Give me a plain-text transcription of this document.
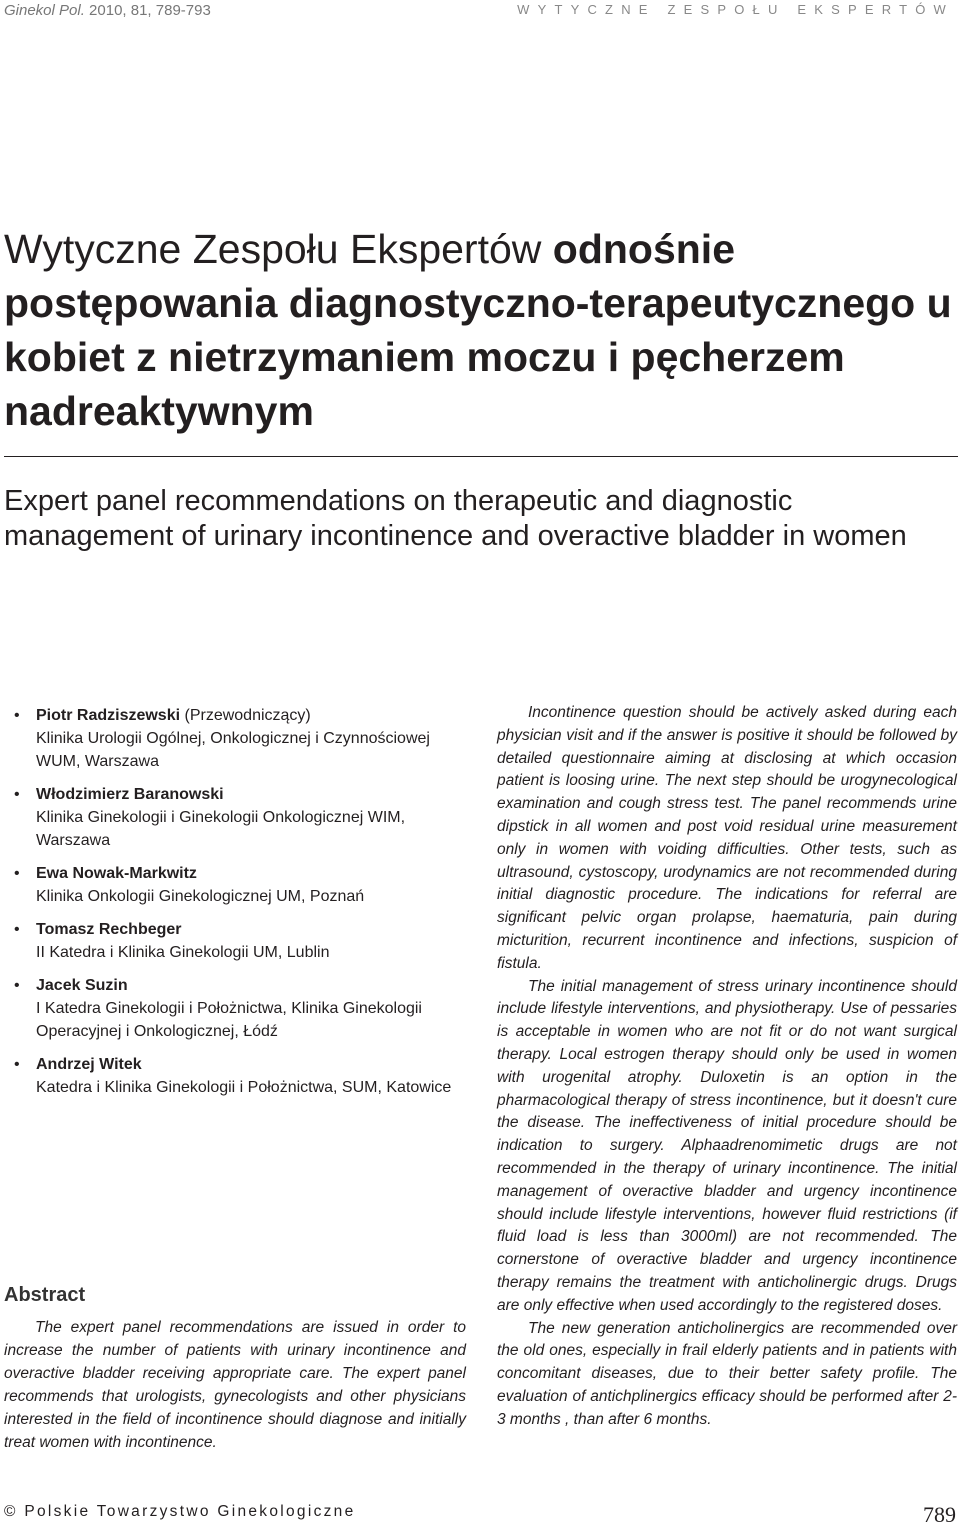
Ginekol Pol. 2010, 81, 789-793	WYTYCZNE ZESPOŁU EKSPERTÓW
Wytyczne Zespołu Ekspertów odnośnie postępowania diagnostyczno-terapeutycznego u kobiet z nietrzymaniem moczu i pęcherzem nadreaktywnym
Expert panel recommendations on therapeutic and diagnostic management of urinary incontinence and overactive bladder in women
• Piotr Radziszewski (Przewodniczący)
Klinika Urologii Ogólnej, Onkologicznej i Czynnościowej WUM, Warszawa
• Włodzimierz Baranowski
Klinika Ginekologii i Ginekologii Onkologicznej WIM, Warszawa
• Ewa Nowak-Markwitz
Klinika Onkologii Ginekologicznej UM, Poznań
• Tomasz Rechbeger
II Katedra i Klinika Ginekologii UM, Lublin
• Jacek Suzin
I Katedra Ginekologii i Położnictwa, Klinika Ginekologii Operacyjnej i Onkologicznej, Łódź
• Andrzej Witek
Katedra i Klinika Ginekologii i Położnictwa, SUM, Katowice
Abstract

The expert panel recommendations are issued in order to increase the number of patients with urinary incontinence and overactive bladder receiving appropriate care. The expert panel recommends that urologists, gynecologists and other physicians interested in the field of incontinence should diagnose and initially treat women with incontinence.

Incontinence question should be actively asked during each physician visit and if the answer is positive it should be followed by detailed questionnaire aiming at disclosing at which occasion patient is loosing urine. The next step should be urogynecological examination and cough stress test. The panel recommends urine dipstick in all women and post void residual urine measurement only in women with voiding difficulties. Other tests, such as ultrasound, cystoscopy, urodynamics are not recommended during initial diagnostic procedure. The indications for referral are significant pelvic organ prolapse, haematuria, pain during micturition, recurrent incontinence and infections, suspicion of fistula.

The initial management of stress urinary incontinence should include lifestyle interventions, and physiotherapy. Use of pessaries is acceptable in women who are not fit or do not want surgical therapy. Local estrogen therapy should only be used in women with urogenital atrophy. Duloxetin is an option in the pharmacological therapy of stress incontinence, but it doesn't cure the disease. The ineffectiveness of initial procedure should be indication to surgery. Alphaadrenomimetic drugs are not recommended in the therapy of urinary incontinence. The initial management of overactive bladder and urgency incontinence should include lifestyle interventions, however fluid restrictions (if fluid load is less than 3000ml) are not recommended. The cornerstone of overactive bladder and urgency incontinence therapy remains the treatment with anticholinergic drugs. Drugs are only effective when used accordingly to the registered doses.

The new generation anticholinergics are recommended over the old ones, especially in frail elderly patients and in patients with concomitant diseases, due to their better safety profile. The evaluation of antichplinergics efficacy should be performed after 2-3 months , than after 6 months.

© Polskie Towarzystwo Ginekologiczne	789
